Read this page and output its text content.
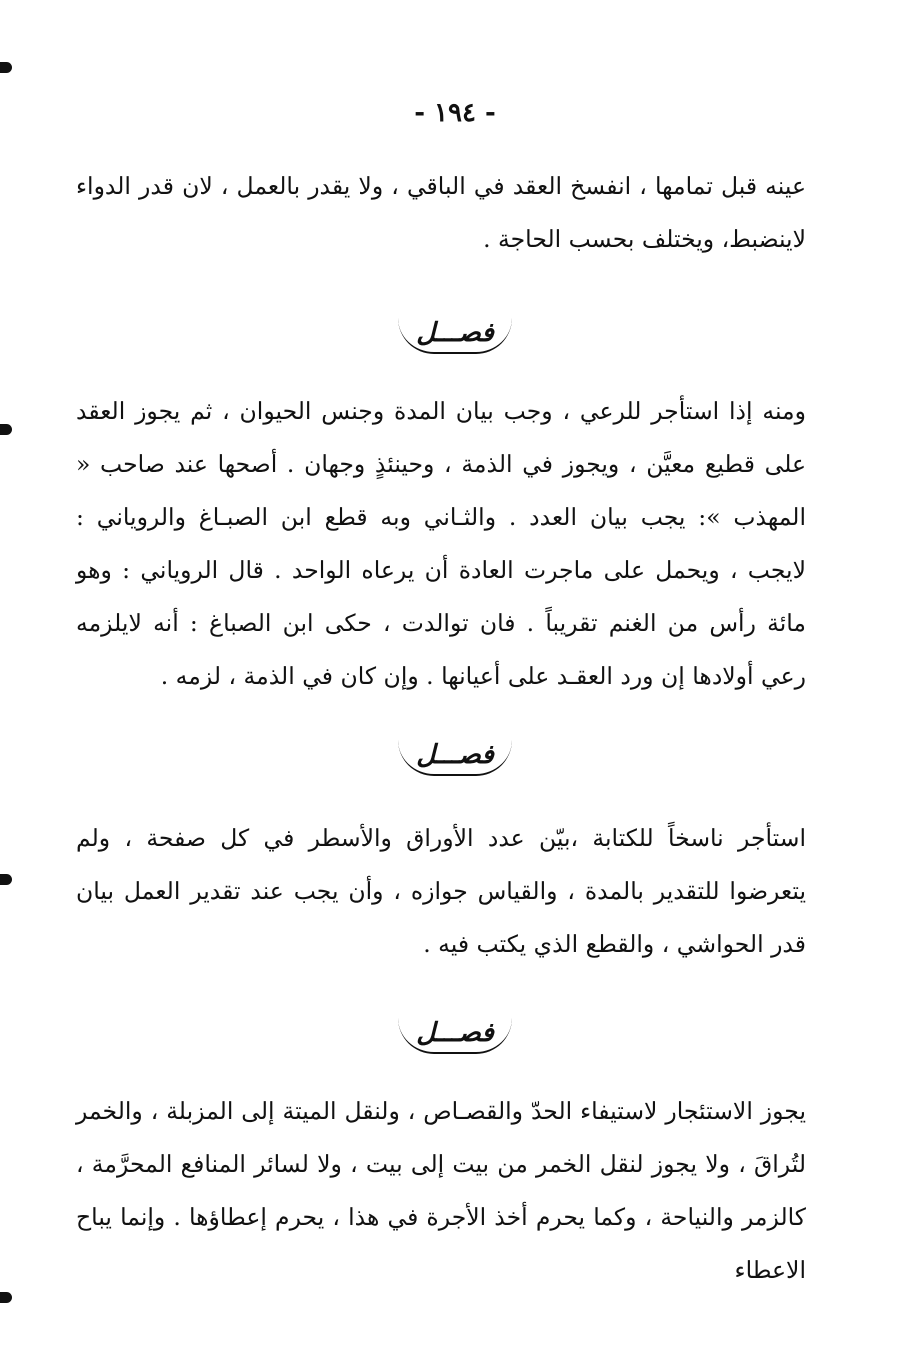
- ١٩٤ -
عينه قبل تمامها ، انفسخ العقد في الباقي ، ولا يقدر بالعمل ، لان قدر الدواء لاينضبط، ويختلف بحسب الحاجة .
فصـــل
ومنه إذا استأجر للرعي ، وجب بيان المدة وجنس الحيوان ، ثم يجوز العقد على قطيع معيَّن ، ويجوز في الذمة ، وحينئذٍ وجهان . أصحها عند صاحب « المهذب »: يجب بيان العدد . والثـاني وبه قطع ابن الصبـاغ والروياني : لايجب ، ويحمل على ماجرت العادة أن يرعاه الواحد . قال الروياني : وهو مائة رأس من الغنم تقريباً . فان توالدت ، حكى ابن الصباغ : أنه لايلزمه رعي أولادها إن ورد العقـد على أعيانها . وإن كان في الذمة ، لزمه .
فصـــل
استأجر ناسخاً للكتابة ،بيّن عدد الأوراق والأسطر في كل صفحة ، ولم يتعرضوا للتقدير بالمدة ، والقياس جوازه ، وأن يجب عند تقدير العمل بيان قدر الحواشي ، والقطع الذي يكتب فيه .
فصـــل
يجوز الاستئجار لاستيفاء الحدّ والقصـاص ، ولنقل الميتة إلى المزبلة ، والخمر لتُراقَ ، ولا يجوز لنقل الخمر من بيت إلى بيت ، ولا لسائر المنافع المحرَّمة ، كالزمر والنياحة ، وكما يحرم أخذ الأجرة في هذا ، يحرم إعطاؤها . وإنما يباح الاعطاء
